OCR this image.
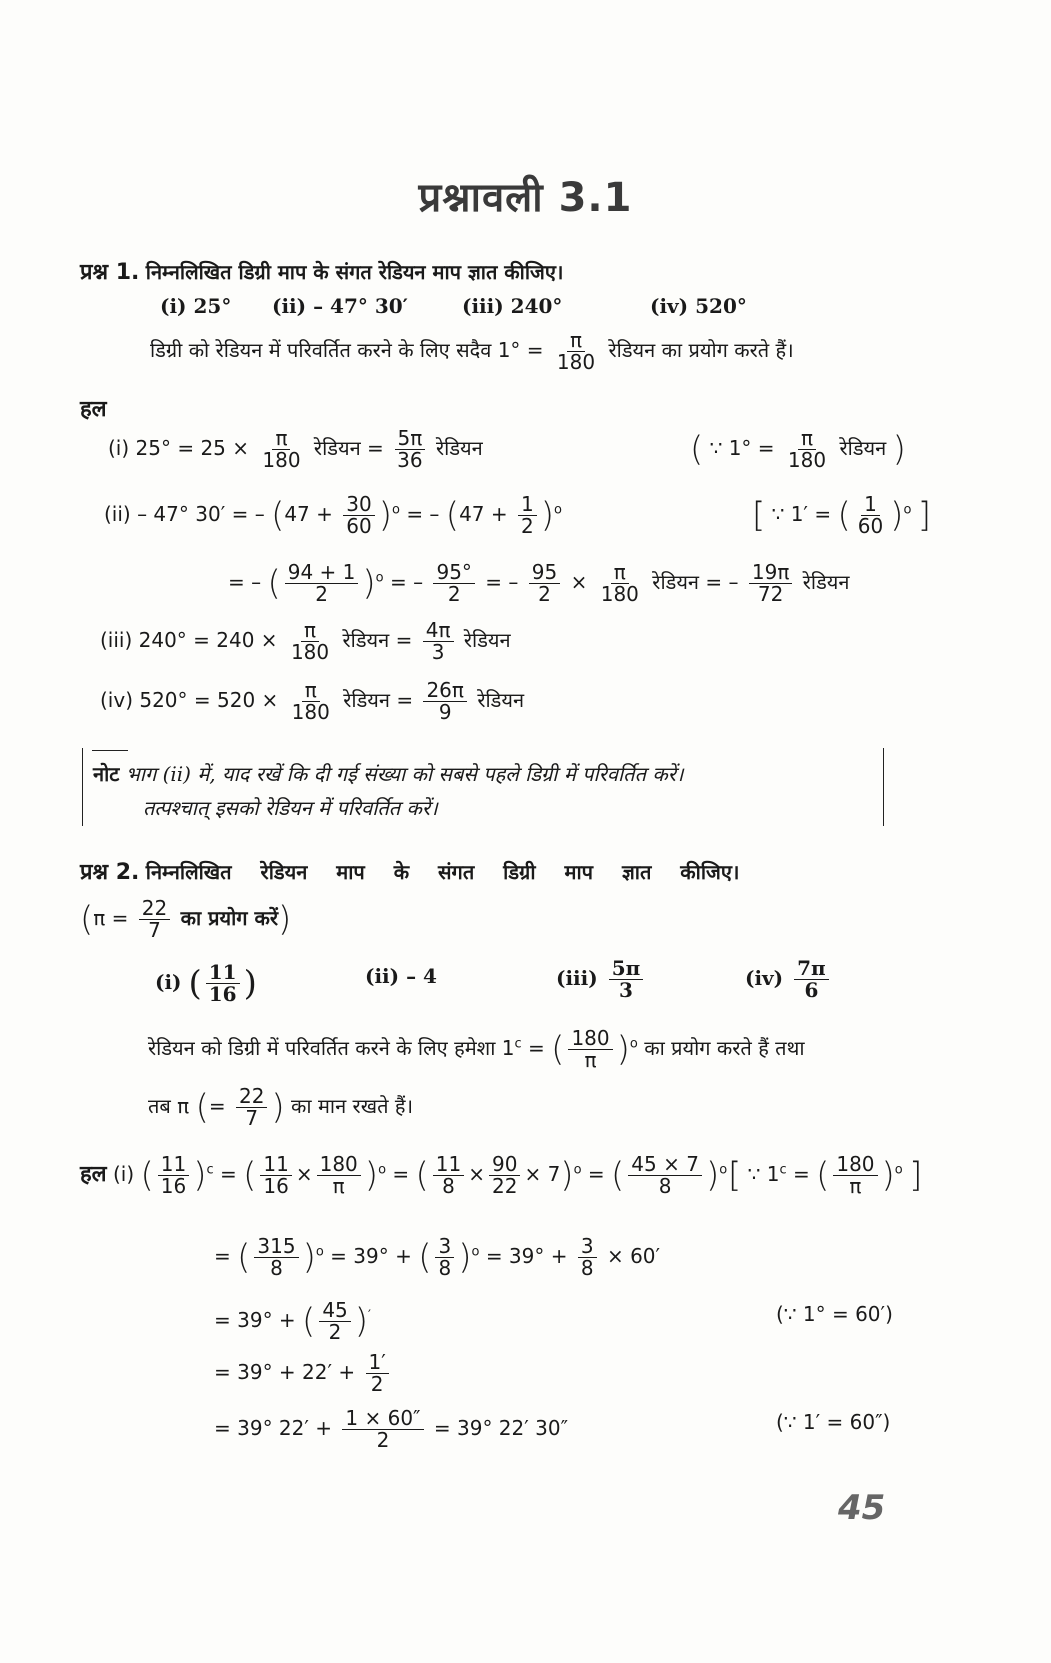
प्रश्नावली 3.1
प्रश्न 1. निम्नलिखित डिग्री माप के संगत रेडियन माप ज्ञात कीजिए।
(i) 25° (ii) – 47° 30′	(iii) 240°	(iv) 520°
डिग्री को रेडियन में परिवर्तित करने के लिए सदैव $1^\circ = \frac{\pi}{180}$ रेडियन का प्रयोग करते हैं।
हल
(i) $25^\circ = 25 \times \frac{\pi}{180}$ रेडियन = $\frac{5\pi}{36}$ रेडियन	( ∵ $1^\circ = \frac{\pi}{180}$ रेडियन )
(ii) – 47° 30′ = – $(47 + \frac{30}{60} )^o$ = – $(47 + \frac{1}{2} )^o$	[ ∵ 1′ = ( $\frac{1}{60} )^o$ ]
= – ( $\frac{94 + 1}{2} )^o$ = – $\frac{95^\circ}{2}$ = – $\frac{95}{2} \times \frac{\pi}{180}$ रेडियन = – $\frac{19\pi}{72}$ रेडियन
(iii) $240^\circ = 240 \times \frac{\pi}{180}$ रेडियन = $\frac{4\pi}{3}$ रेडियन
(iv) $520^\circ = 520 \times \frac{\pi}{180}$ रेडियन = $\frac{26\pi}{9}$ रेडियन
नोट भाग (ii) में, याद रखें कि दी गई संख्या को सबसे पहले डिग्री में परिवर्तित करें।
तत्पश्चात् इसको रेडियन में परिवर्तित करें।
प्रश्न 2. निम्नलिखित रेडियन माप के संगत डिग्री माप ज्ञात कीजिए।
($\pi = \frac{22}{7}$ का प्रयोग करें)
(i) ( $\frac{11}{16}$ )	(ii) – 4	$(iii) \frac{5\pi}{3}$	$(iv) \frac{7\pi}{6}$
रेडियन को डिग्री में परिवर्तित करने के लिए हमेशा $1^c$ = ( $\frac{180}{\pi} )^o$ का प्रयोग करते हैं तथा
तब π (= $\frac{22}{7}$ ) का मान रखते हैं।
हल (i) ( $\frac{11}{16} )^c$ = ( $\frac{11}{16} \times \frac{180}{\pi} )^o$ = ( $\frac{11}{8} \times \frac{90}{22} \times 7)^o$ = ( $\frac{45 \times 7}{8} )^o$ [ ∵ $1^c$ = ( $\frac{180}{\pi} )^o$ ]
= ( $\frac{315}{8} )^o = 39^\circ$ + ( $\frac{3}{8} )^o = 39^\circ + \frac{3}{8} \times 60'$
= 39° + ( $\frac{45}{2} )'$	(∵ 1° = 60′)
= $39^\circ + 22' + \frac{1'}{2}$
= 39° $22' + \frac{1 \times 60''}{2} = 39^\circ$ 22′ 30″	(∵ 1′ = 60″)
45
